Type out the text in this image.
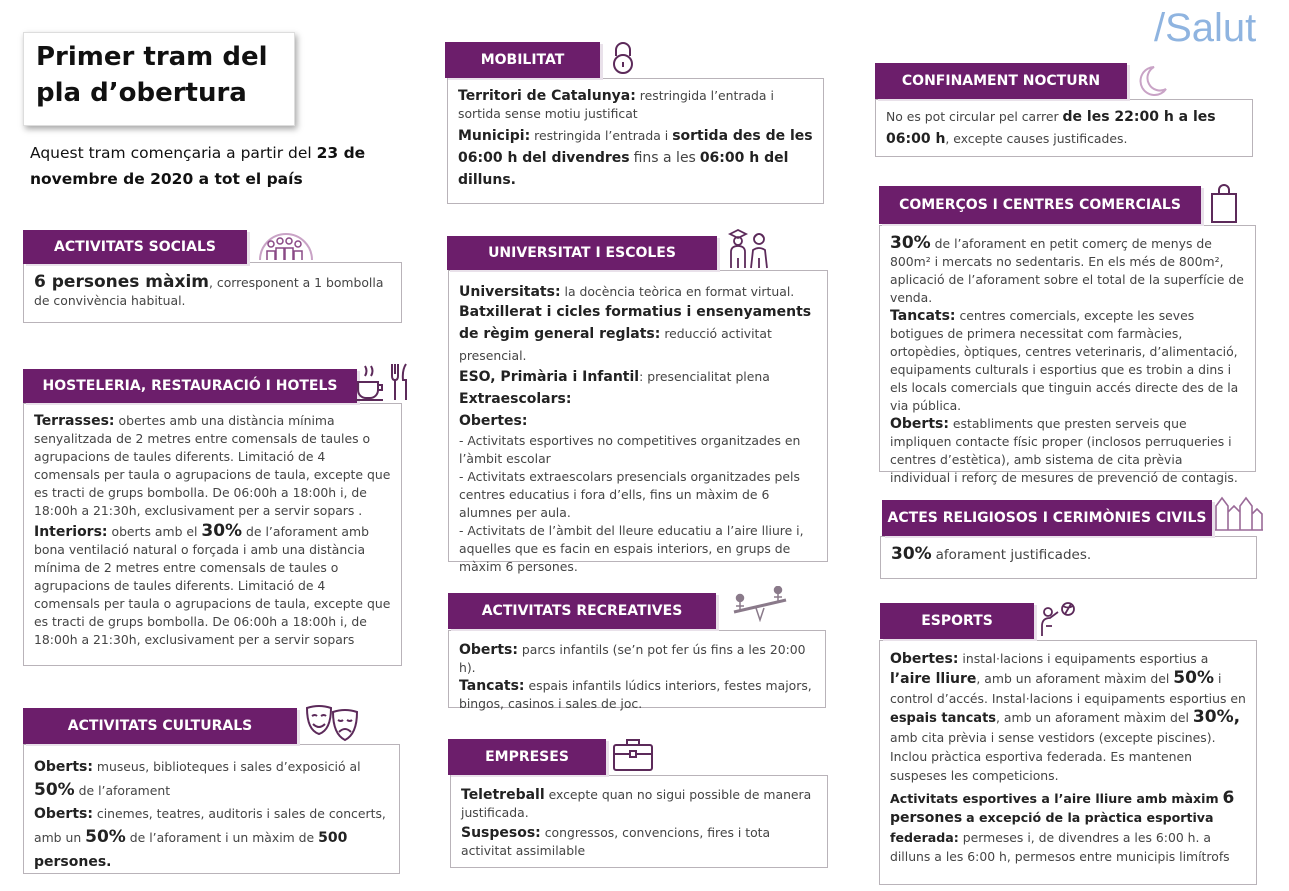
/Salut
Primer tram del
pla d’obertura
Aquest tram començaria a partir del 23 de novembre de 2020 a tot el país
ACTIVITATS SOCIALS

6 persones màxim, corresponent a 1 bombolla de convivència habitual.

HOSTELERIA, RESTAURACIÓ I HOTELS

Terrasses: obertes amb una distància mínima senyalitzada de 2 metres entre comensals de taules o agrupacions de taules diferents. Limitació de 4 comensals per taula o agrupacions de taula, excepte que es tracti de grups bombolla. De 06:00h a 18:00h i, de 18:00h a 21:30h, exclusivament per a servir sopars .

Interiors: oberts amb el 30% de l’aforament amb bona ventilació natural o forçada i amb una distància mínima de 2 metres entre comensals de taules o agrupacions de taules diferents. Limitació de 4 comensals per taula o agrupacions de taula, excepte que es tracti de grups bombolla. De 06:00h a 18:00h i, de 18:00h a 21:30h, exclusivament per a servir sopars

ACTIVITATS CULTURALS

Oberts: museus, biblioteques i sales d’exposició al 50% de l’aforament

Oberts: cinemes, teatres, auditoris i sales de concerts, amb un 50% de l’aforament i un màxim de 500 persones.

MOBILITAT

Territori de Catalunya: restringida l’entrada i sortida sense motiu justificat

Municipi: restringida l’entrada i sortida des de les 06:00 h del divendres fins a les 06:00 h del dilluns.

UNIVERSITAT I ESCOLES

Universitats: la docència teòrica en format virtual.

Batxillerat i cicles formatius i ensenyaments de règim general reglats: reducció activitat presencial.

ESO, Primària i Infantil: presencialitat plena

Extraescolars:

Obertes:

- Activitats esportives no competitives organitzades en l’àmbit escolar

- Activitats extraescolars presencials organitzades pels centres educatius i fora d’ells, fins un màxim de 6 alumnes per aula.

- Activitats de l’àmbit del lleure educatiu a l’aire lliure i, aquelles que es facin en espais interiors, en grups de màxim 6 persones.

ACTIVITATS RECREATIVES

Oberts: parcs infantils (se’n pot fer ús fins a les 20:00 h).

Tancats: espais infantils lúdics interiors, festes majors, bingos, casinos i sales de joc.

EMPRESES

Teletreball excepte quan no sigui possible de manera justificada.

Suspesos: congressos, convencions, fires i tota activitat assimilable

CONFINAMENT NOCTURN

No es pot circular pel carrer de les 22:00 h a les 06:00 h, excepte causes justificades.

COMERÇOS I CENTRES COMERCIALS

30% de l’aforament en petit comerç de menys de 800m² i mercats no sedentaris. En els més de 800m², aplicació de l’aforament sobre el total de la superfície de venda.

Tancats: centres comercials, excepte les seves botigues de primera necessitat com farmàcies, ortopèdies, òptiques, centres veterinaris, d’alimentació, equipaments culturals i esportius que es trobin a dins i els locals comercials que tinguin accés directe des de la via pública.

Oberts: establiments que presten serveis que impliquen contacte físic proper (inclosos perruqueries i centres d’estètica), amb sistema de cita prèvia individual i reforç de mesures de prevenció de contagis.

ACTES RELIGIOSOS I CERIMÒNIES CIVILS

30% aforament justificades.

ESPORTS

Obertes: instal·lacions i equipaments esportius a l’aire lliure, amb un aforament màxim del 50% i control d’accés. Instal·lacions i equipaments esportius en espais tancats, amb un aforament màxim del 30%, amb cita prèvia i sense vestidors (excepte piscines). Inclou pràctica esportiva federada. Es mantenen suspeses les competicions.

Activitats esportives a l’aire lliure amb màxim 6 persones a excepció de la pràctica esportiva federada: permeses i, de divendres a les 6:00 h. a dilluns a les 6:00 h, permesos entre municipis limítrofs
